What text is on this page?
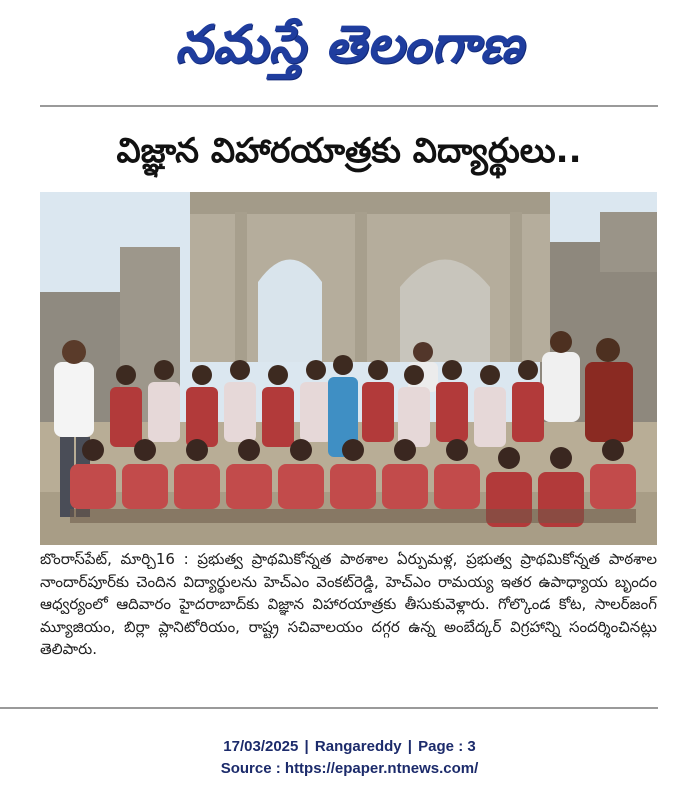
నమస్తే తెలంగాణ
విజ్ఞాన విహారయాత్రకు విద్యార్థులు..

బొంరాస్‌పేట్, మార్చి16 : ప్రభుత్వ ప్రాథమికోన్నత పాఠశాల ఏర్పుమళ్ల, ప్రభుత్వ ప్రాథమికోన్నత పాఠశాల నాందార్‌పూర్‌కు చెందిన విద్యార్థులను హెచ్‌ఎం వెంకట్‌రెడ్డి, హెచ్‌ఎం రామయ్య ఇతర ఉపాధ్యాయ బృందం ఆధ్వర్యంలో ఆదివారం హైదరాబాద్‌కు విజ్ఞాన విహారయాత్రకు తీసుకువెళ్లారు. గోల్కొండ కోట, సాలర్‌జంగ్ మ్యూజియం, బిర్లా ప్లానిటోరియం, రాష్ట్ర సచివాలయం దగ్గర ఉన్న అంబేద్కర్ విగ్రహాన్ని సందర్శించినట్లు తెలిపారు.

17/03/2025 | Rangareddy | Page : 3
Source : https://epaper.ntnews.com/
